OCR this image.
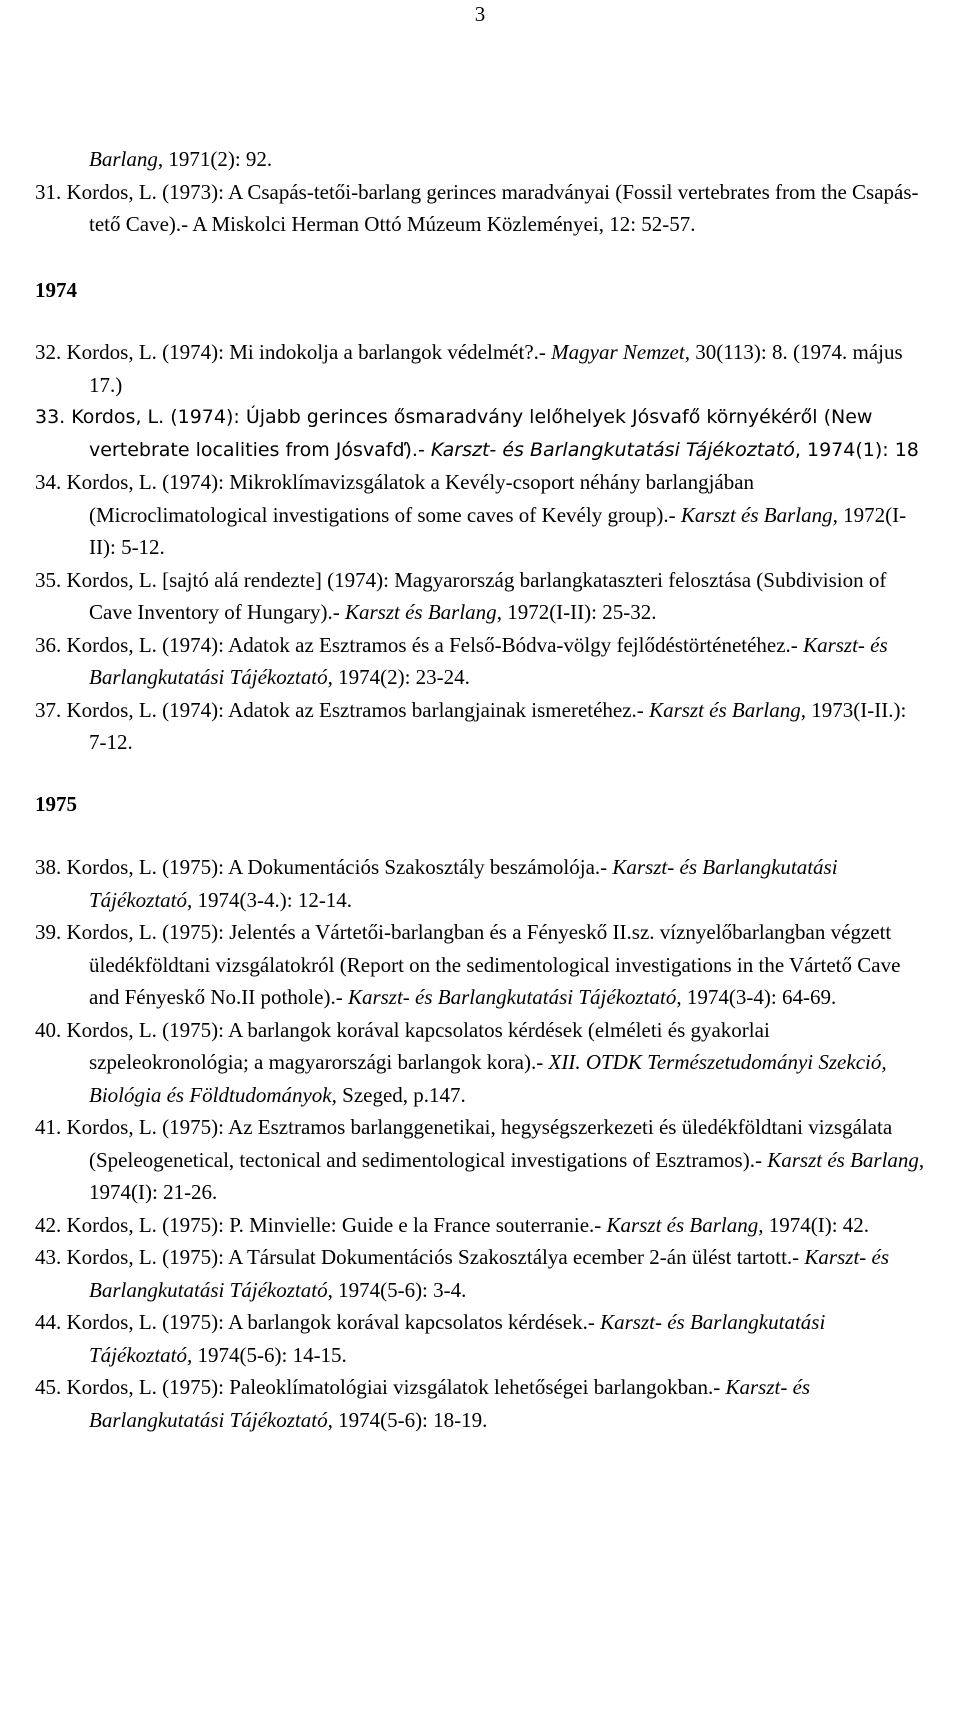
3

Barlang, 1971(2): 92.

31. Kordos, L. (1973): A Csapás-tetői-barlang gerinces maradványai (Fossil vertebrates from the Csapás-tető Cave).- A Miskolci Herman Ottó Múzeum Közleményei, 12: 52-57.

1974

32. Kordos, L. (1974): Mi indokolja a barlangok védelmét?.- Magyar Nemzet, 30(113): 8. (1974. május 17.)

33. Kordos, L. (1974): Újabb gerinces ősmaradvány lelőhelyek Jósvafő környékéről (New vertebrate localities from Jósvafď).- Karszt- és Barlangkutatási Tájékoztató, 1974(1): 18

34. Kordos, L. (1974): Mikroklímavizsgálatok a Kevély-csoport néhány barlangjában (Microclimatological investigations of some caves of Kevély group).- Karszt és Barlang, 1972(I-II): 5-12.

35. Kordos, L. [sajtó alá rendezte] (1974): Magyarország barlangkataszteri felosztása (Subdivision of Cave Inventory of Hungary).- Karszt és Barlang, 1972(I-II): 25-32.

36. Kordos, L. (1974): Adatok az Esztramos és a Felső-Bódva-völgy fejlődéstörténetéhez.- Karszt- és Barlangkutatási Tájékoztató, 1974(2): 23-24.

37. Kordos, L. (1974): Adatok az Esztramos barlangjainak ismeretéhez.- Karszt és Barlang, 1973(I-II.): 7-12.

1975

38. Kordos, L. (1975): A Dokumentációs Szakosztály beszámolója.- Karszt- és Barlangkutatási Tájékoztató, 1974(3-4.): 12-14.

39. Kordos, L. (1975): Jelentés a Vártetői-barlangban és a Fényeskő II.sz. víznyelőbarlangban végzett üledékföldtani vizsgálatokról (Report on the sedimentological investigations in the Vártető Cave and Fényeskő No.II pothole).- Karszt- és Barlangkutatási Tájékoztató, 1974(3-4): 64-69.

40. Kordos, L. (1975): A barlangok korával kapcsolatos kérdések (elméleti és gyakorlai szpeleokronológia; a magyarországi barlangok kora).- XII. OTDK Természetudományi Szekció, Biológia és Földtudományok, Szeged, p.147.

41. Kordos, L. (1975): Az Esztramos barlanggenetikai, hegységszerkezeti és üledékföldtani vizsgálata (Speleogenetical, tectonical and sedimentological investigations of Esztramos).- Karszt és Barlang, 1974(I): 21-26.

42. Kordos, L. (1975): P. Minvielle: Guide e la France souterranie.- Karszt és Barlang, 1974(I): 42.

43. Kordos, L. (1975): A Társulat Dokumentációs Szakosztálya ecember 2-án ülést tartott.- Karszt- és Barlangkutatási Tájékoztató, 1974(5-6): 3-4.

44. Kordos, L. (1975): A barlangok korával kapcsolatos kérdések.- Karszt- és Barlangkutatási Tájékoztató, 1974(5-6): 14-15.

45. Kordos, L. (1975): Paleoklímatológiai vizsgálatok lehetőségei barlangokban.- Karszt- és Barlangkutatási Tájékoztató, 1974(5-6): 18-19.
